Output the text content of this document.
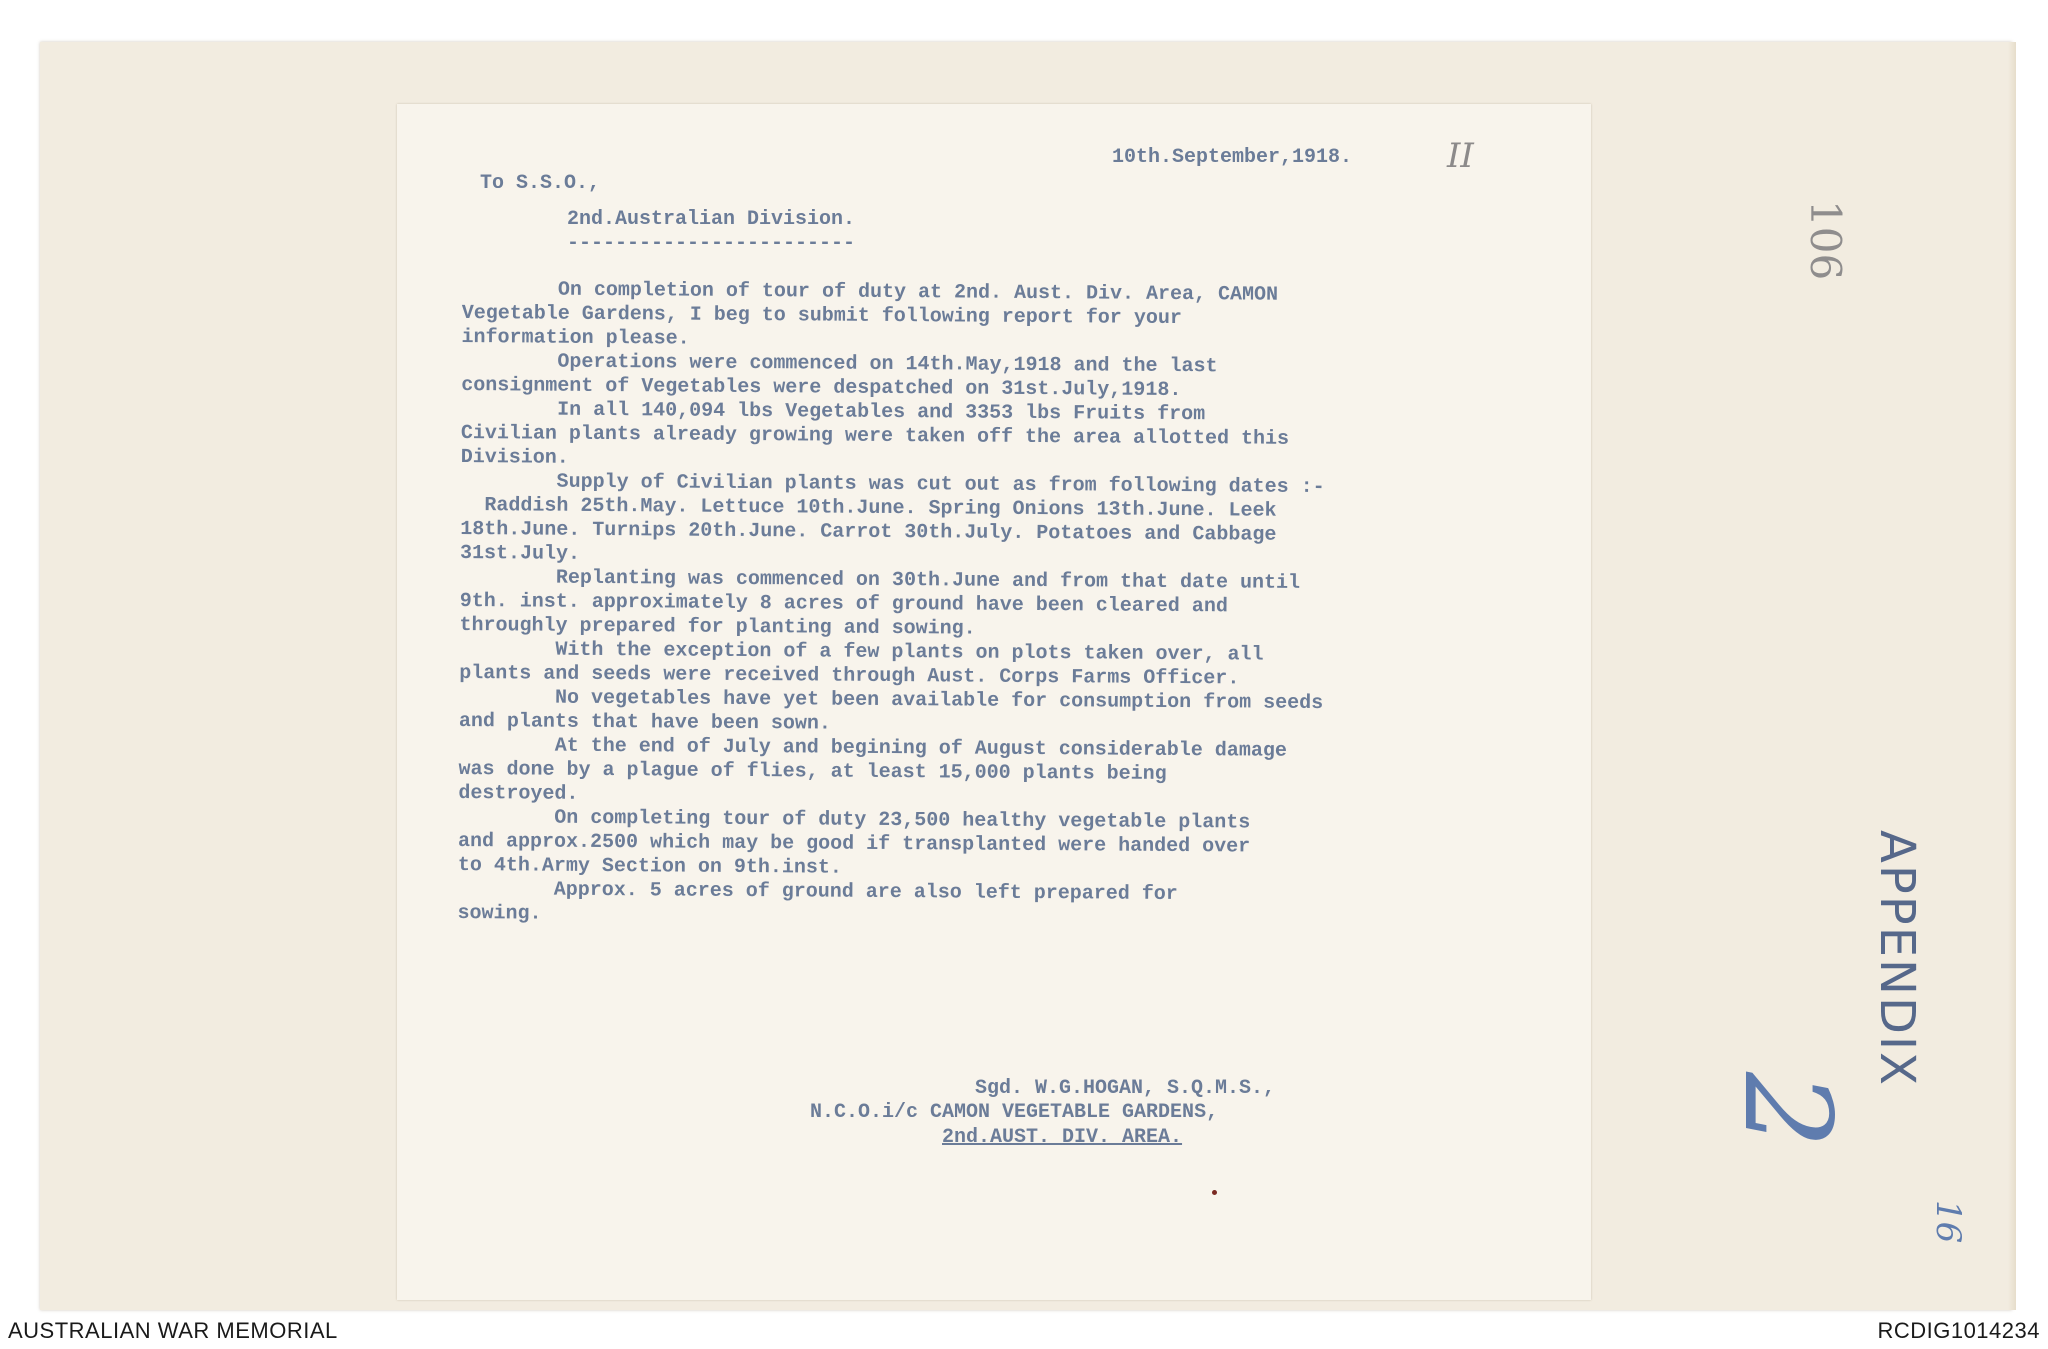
10th.September,1918.

To S.S.O.,

2nd.Australian Division.

------------------------

On completion of tour of duty at 2nd. Aust. Div. Area, CAMON
Vegetable Gardens, I beg to submit following report for your
information please.
Operations were commenced on 14th.May,1918 and the last
consignment of Vegetables were despatched on 31st.July,1918.
In all 140,094 lbs Vegetables and 3353 lbs Fruits from
Civilian plants already growing were taken off the area allotted this
Division.
Supply of Civilian plants was cut out as from following dates :-
Raddish 25th.May. Lettuce 10th.June. Spring Onions 13th.June. Leek
18th.June. Turnips 20th.June. Carrot 30th.July. Potatoes and Cabbage
31st.July.
Replanting was commenced on 30th.June and from that date until
9th. inst. approximately 8 acres of ground have been cleared and
throughly prepared for planting and sowing.
With the exception of a few plants on plots taken over, all
plants and seeds were received through Aust. Corps Farms Officer.
No vegetables have yet been available for consumption from seeds
and plants that have been sown.
At the end of July and begining of August considerable damage
was done by a plague of flies, at least 15,000 plants being
destroyed.
On completing tour of duty 23,500 healthy vegetable plants
and approx.2500 which may be good if transplanted were handed over
to 4th.Army Section on 9th.inst.
Approx. 5 acres of ground are also left prepared for
sowing.

Sgd. W.G.HOGAN, S.Q.M.S.,

N.C.O.i/c CAMON VEGETABLE GARDENS,

2nd.AUST. DIV. AREA.

II
106
APPENDIX
2
16
AUSTRALIAN WAR MEMORIAL	RCDIG1014234
